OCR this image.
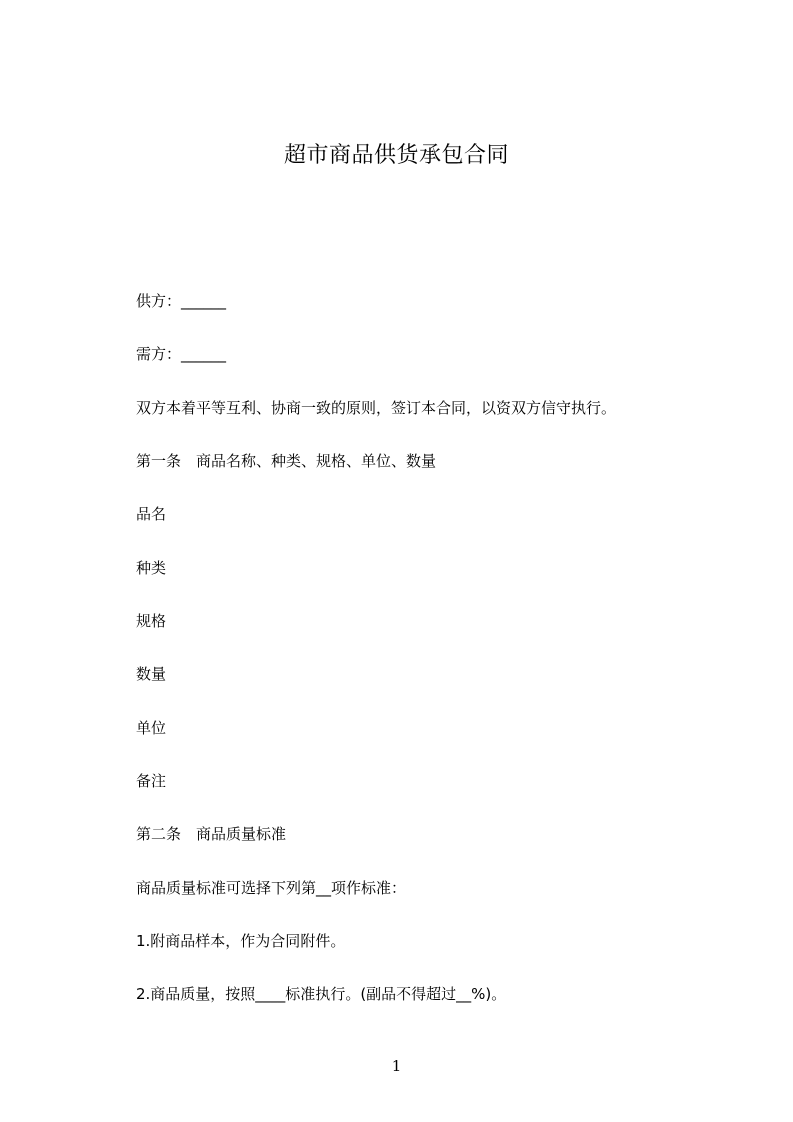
超市商品供货承包合同
供方：______
需方：______
双方本着平等互利、协商一致的原则，签订本合同，以资双方信守执行。
第一条　商品名称、种类、规格、单位、数量
品名
种类
规格
数量
单位
备注
第二条　商品质量标准
商品质量标准可选择下列第__项作标准：
1.附商品样本，作为合同附件。
2.商品质量，按照____标准执行。(副品不得超过__%)。
1
